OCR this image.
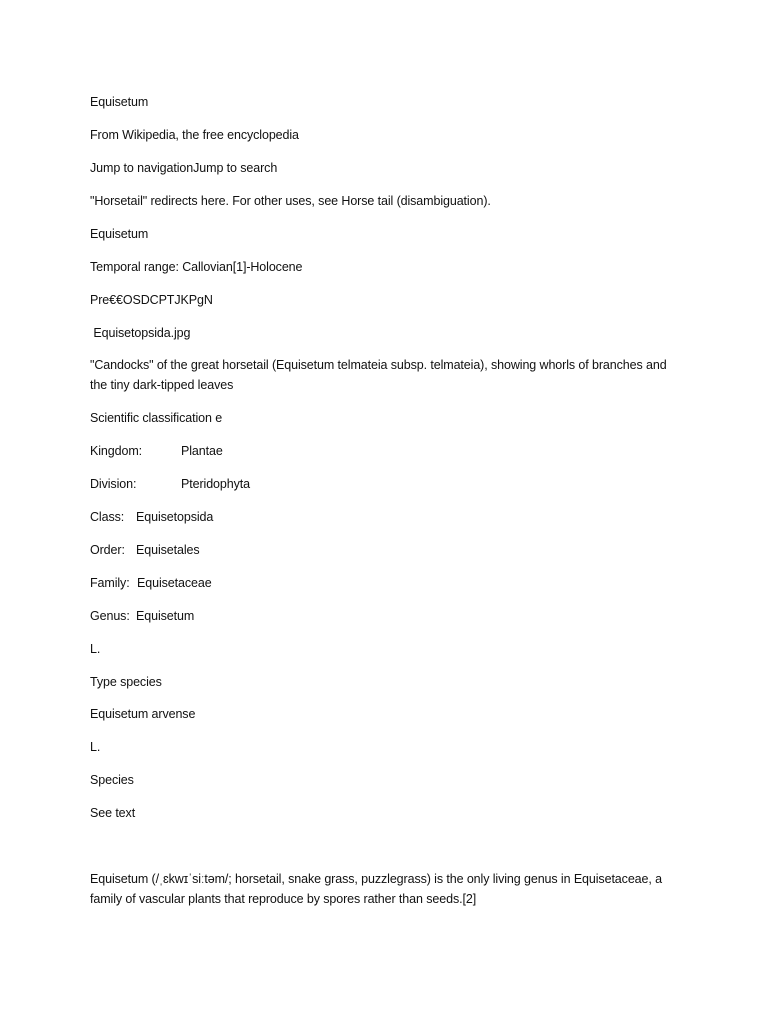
Equisetum
From Wikipedia, the free encyclopedia
Jump to navigationJump to search
"Horsetail" redirects here. For other uses, see Horse tail (disambiguation).
Equisetum
Temporal range: Callovian[1]-Holocene
Pre€€OSDCPTJKPgN
Equisetopsida.jpg
"Candocks" of the great horsetail (Equisetum telmateia subsp. telmateia), showing whorls of branches and the tiny dark-tipped leaves
Scientific classification e
Kingdom:	Plantae
Division:	Pteridophyta
Class: Equisetopsida
Order: Equisetales
Family: Equisetaceae
Genus: Equisetum
L.
Type species
Equisetum arvense
L.
Species
See text
Equisetum (/ˌɛkwɪˈsiːtəm/; horsetail, snake grass, puzzlegrass) is the only living genus in Equisetaceae, a family of vascular plants that reproduce by spores rather than seeds.[2]
